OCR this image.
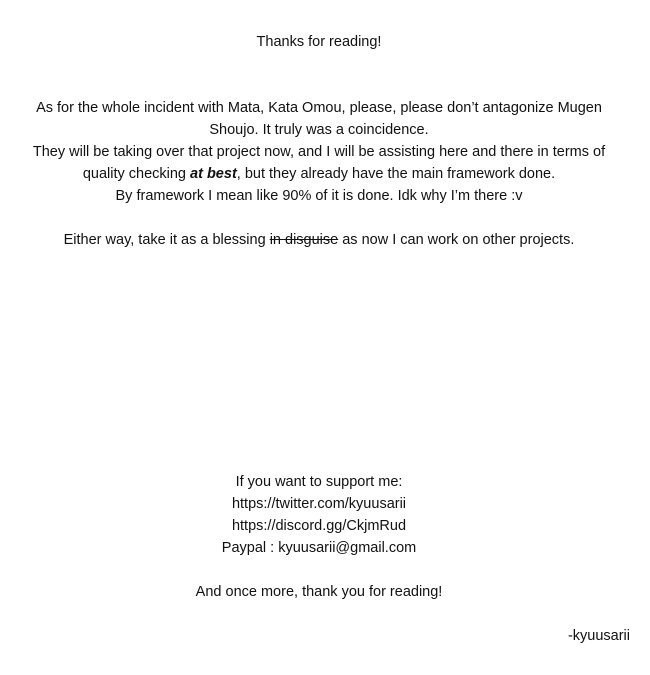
Thanks for reading!
As for the whole incident with Mata, Kata Omou, please, please don’t antagonize Mugen
Shoujo. It truly was a coincidence.
They will be taking over that project now, and I will be assisting here and there in terms of
quality checking at best, but they already have the main framework done.
By framework I mean like 90% of it is done. Idk why I’m there :v
Either way, take it as a blessing in disguise as now I can work on other projects.
If you want to support me:
https://twitter.com/kyuusarii
https://discord.gg/CkjmRud
Paypal : kyuusarii@gmail.com
And once more, thank you for reading!
-kyuusarii
